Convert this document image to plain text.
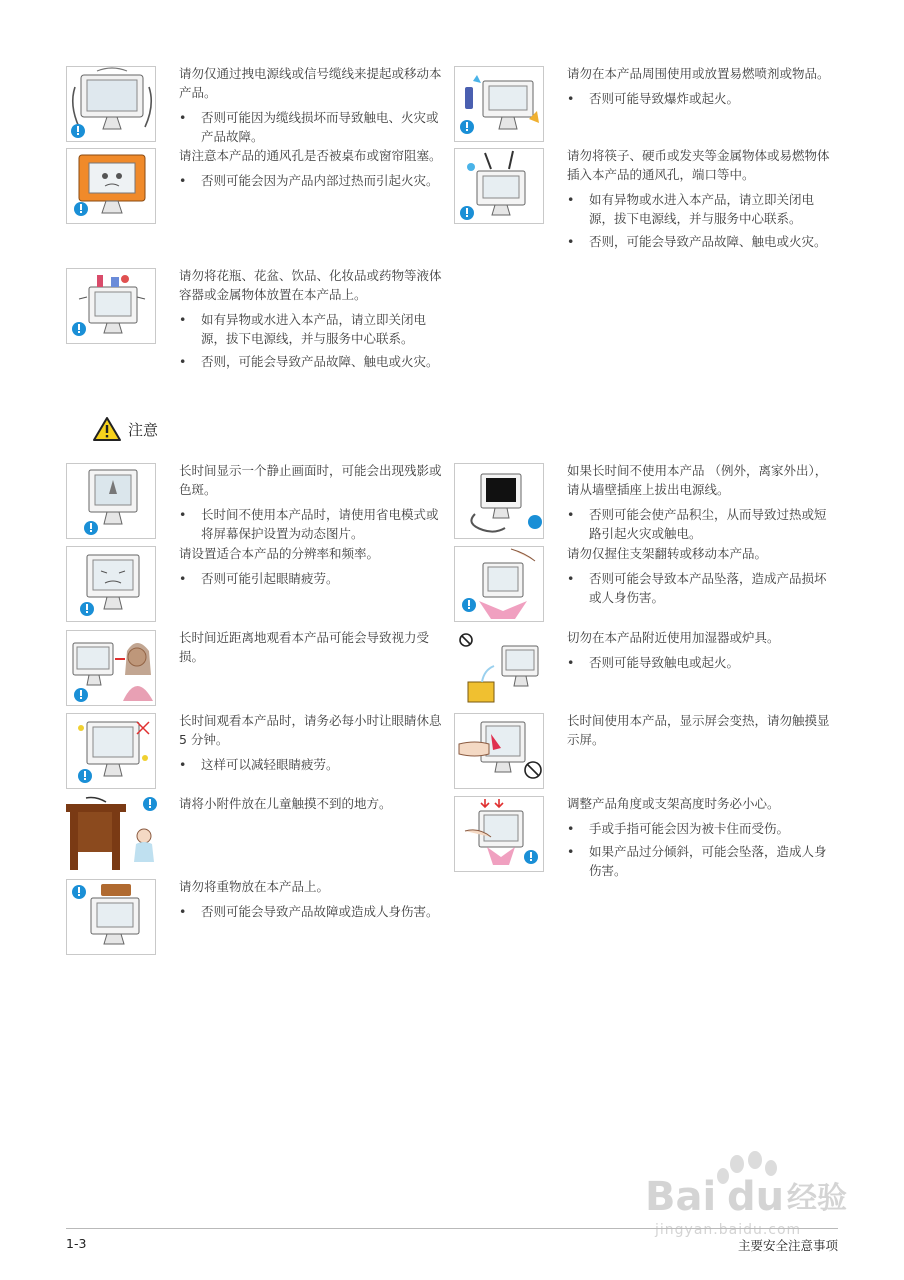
请勿仅通过拽电源线或信号缆线来提起或移动本产品。

• 否则可能因为缆线损坏而导致触电、火灾或产品故障。

请注意本产品的通风孔是否被桌布或窗帘阻塞。

• 否则可能会因为产品内部过热而引起火灾。

请勿将花瓶、花盆、饮品、化妆品或药物等液体容器或金属物体放置在本产品上。

• 如有异物或水进入本产品，请立即关闭电源，拔下电源线，并与服务中心联系。
• 否则，可能会导致产品故障、触电或火灾。

请勿在本产品周围使用或放置易燃喷剂或物品。

• 否则可能导致爆炸或起火。

请勿将筷子、硬币或发夹等金属物体或易燃物体插入本产品的通风孔，端口等中。

• 如有异物或水进入本产品，请立即关闭电源，拔下电源线，并与服务中心联系。
• 否则，可能会导致产品故障、触电或火灾。
注意

长时间显示一个静止画面时，可能会出现残影或色斑。

• 长时间不使用本产品时，请使用省电模式或将屏幕保护设置为动态图片。

请设置适合本产品的分辨率和频率。

• 否则可能引起眼睛疲劳。

长时间近距离地观看本产品可能会导致视力受损。

长时间观看本产品时，请务必每小时让眼睛休息 5 分钟。

• 这样可以减轻眼睛疲劳。

请将小附件放在儿童触摸不到的地方。

请勿将重物放在本产品上。

• 否则可能会导致产品故障或造成人身伤害。

如果长时间不使用本产品 （例外，离家外出），请从墙壁插座上拔出电源线。

• 否则可能会使产品积尘，从而导致过热或短路引起火灾或触电。

请勿仅握住支架翻转或移动本产品。

• 否则可能会导致本产品坠落，造成产品损坏或人身伤害。

切勿在本产品附近使用加湿器或炉具。

• 否则可能导致触电或起火。

长时间使用本产品，显示屏会变热，请勿触摸显示屏。

调整产品角度或支架高度时务必小心。

• 手或手指可能会因为被卡住而受伤。
• 如果产品过分倾斜，可能会坠落，造成人身伤害。
Bai du 经验
jingyan.baidu.com
1-3	主要安全注意事项
